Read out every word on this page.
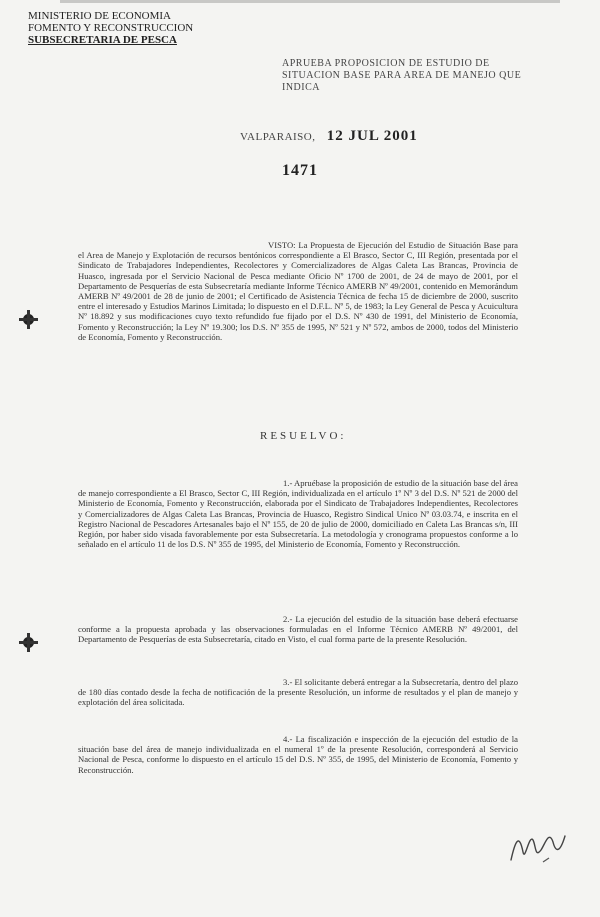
MINISTERIO DE ECONOMIA
FOMENTO Y RECONSTRUCCION
SUBSECRETARIA DE PESCA
APRUEBA PROPOSICION DE ESTUDIO DE SITUACION BASE PARA AREA DE MANEJO QUE INDICA
VALPARAISO, 12 JUL 2001
1471
VISTO: La Propuesta de Ejecución del Estudio de Situación Base para el Area de Manejo y Explotación de recursos bentónicos correspondiente a El Brasco, Sector C, III Región, presentada por el Sindicato de Trabajadores Independientes, Recolectores y Comercializadores de Algas Caleta Las Brancas, Provincia de Huasco, ingresada por el Servicio Nacional de Pesca mediante Oficio Nº 1700 de 2001, de 24 de mayo de 2001, por el Departamento de Pesquerías de esta Subsecretaría mediante Informe Técnico AMERB Nº 49/2001, contenido en Memorándum AMERB Nº 49/2001 de 28 de junio de 2001; el Certificado de Asistencia Técnica de fecha 15 de diciembre de 2000, suscrito entre el interesado y Estudios Marinos Limitada; lo dispuesto en el D.F.L. Nº 5, de 1983; la Ley General de Pesca y Acuicultura Nº 18.892 y sus modificaciones cuyo texto refundido fue fijado por el D.S. Nº 430 de 1991, del Ministerio de Economía, Fomento y Reconstrucción; la Ley Nº 19.300; los D.S. Nº 355 de 1995, Nº 521 y Nº 572, ambos de 2000, todos del Ministerio de Economía, Fomento y Reconstrucción.
RESUELVO:
1.- Apruébase la proposición de estudio de la situación base del área de manejo correspondiente a El Brasco, Sector C, III Región, individualizada en el artículo 1º Nº 3 del D.S. Nº 521 de 2000 del Ministerio de Economía, Fomento y Reconstrucción, elaborada por el Sindicato de Trabajadores Independientes, Recolectores y Comercializadores de Algas Caleta Las Brancas, Provincia de Huasco, Registro Sindical Unico Nº 03.03.74, e inscrita en el Registro Nacional de Pescadores Artesanales bajo el Nº 155, de 20 de julio de 2000, domiciliado en Caleta Las Brancas s/n, III Región, por haber sido visada favorablemente por esta Subsecretaría. La metodología y cronograma propuestos conforme a lo señalado en el artículo 11 de los D.S. Nº 355 de 1995, del Ministerio de Economía, Fomento y Reconstrucción.
2.- La ejecución del estudio de la situación base deberá efectuarse conforme a la propuesta aprobada y las observaciones formuladas en el Informe Técnico AMERB Nº 49/2001, del Departamento de Pesquerías de esta Subsecretaría, citado en Visto, el cual forma parte de la presente Resolución.
3.- El solicitante deberá entregar a la Subsecretaría, dentro del plazo de 180 días contado desde la fecha de notificación de la presente Resolución, un informe de resultados y el plan de manejo y explotación del área solicitada.
4.- La fiscalización e inspección de la ejecución del estudio de la situación base del área de manejo individualizada en el numeral 1º de la presente Resolución, corresponderá al Servicio Nacional de Pesca, conforme lo dispuesto en el artículo 15 del D.S. Nº 355, de 1995, del Ministerio de Economía, Fomento y Reconstrucción.
